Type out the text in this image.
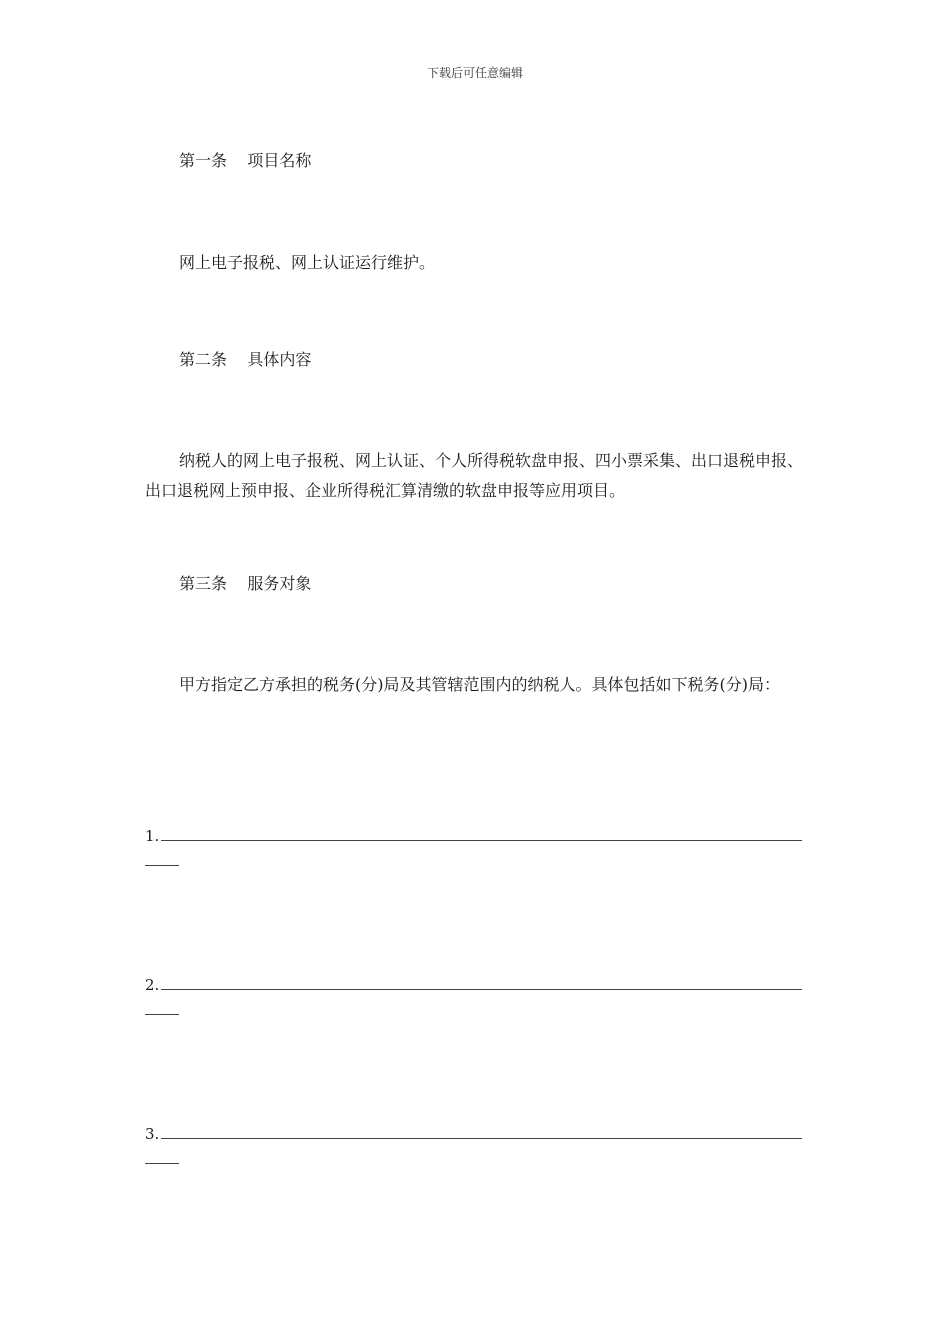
下载后可任意编辑
第一条 项目名称
网上电子报税、网上认证运行维护。
第二条 具体内容
纳税人的网上电子报税、网上认证、个人所得税软盘申报、四小票采集、出口退税申报、出口退税网上预申报、企业所得税汇算清缴的软盘申报等应用项目。
第三条 服务对象
甲方指定乙方承担的税务(分)局及其管辖范围内的纳税人。具体包括如下税务(分)局：
1.
2.
3.
